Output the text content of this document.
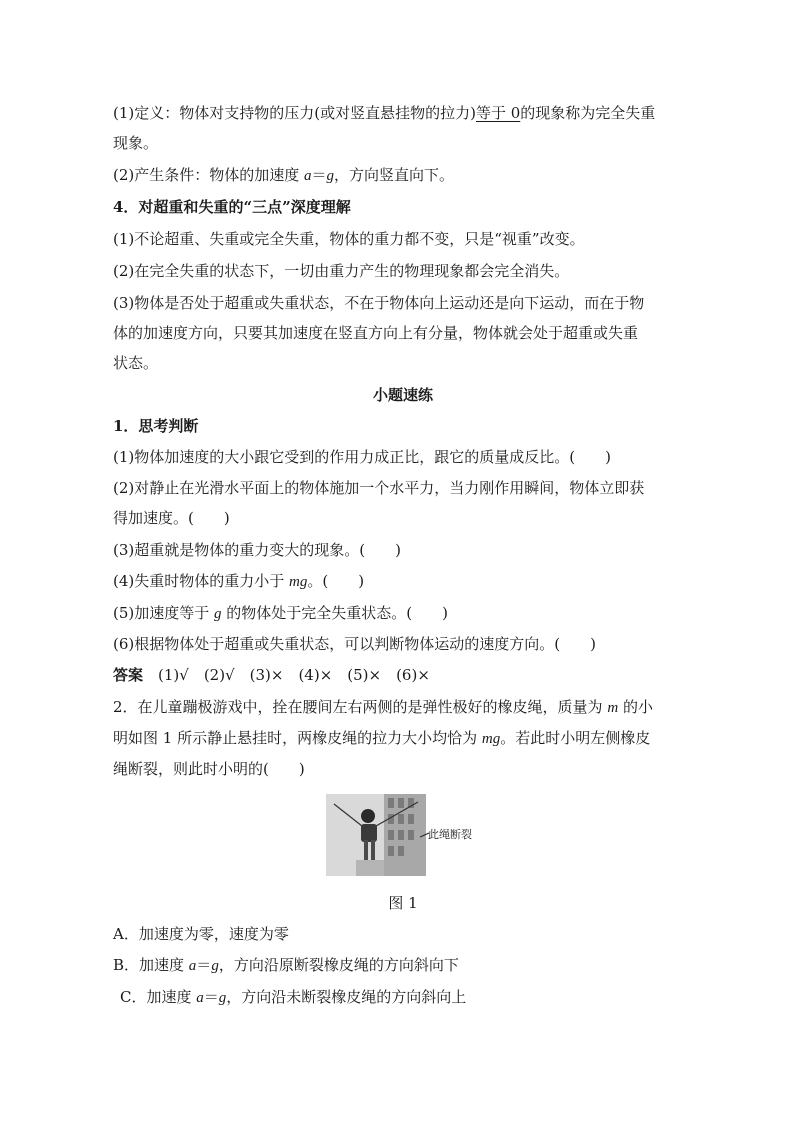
(1)定义：物体对支持物的压力(或对竖直悬挂物的拉力)等于 0的现象称为完全失重
现象。
(2)产生条件：物体的加速度 a＝g，方向竖直向下。
4．对超重和失重的“三点”深度理解
(1)不论超重、失重或完全失重，物体的重力都不变，只是“视重”改变。
(2)在完全失重的状态下，一切由重力产生的物理现象都会完全消失。
(3)物体是否处于超重或失重状态，不在于物体向上运动还是向下运动，而在于物
体的加速度方向，只要其加速度在竖直方向上有分量，物体就会处于超重或失重
状态。
小题速练
1．思考判断
(1)物体加速度的大小跟它受到的作用力成正比，跟它的质量成反比。(　　)
(2)对静止在光滑水平面上的物体施加一个水平力，当力刚作用瞬间，物体立即获
得加速度。(　　)
(3)超重就是物体的重力变大的现象。(　　)
(4)失重时物体的重力小于 mg。(　　)
(5)加速度等于 g 的物体处于完全失重状态。(　　)
(6)根据物体处于超重或失重状态，可以判断物体运动的速度方向。(　　)
答案　(1)√　(2)√　(3)×　(4)×　(5)×　(6)×
2．在儿童蹦极游戏中，拴在腰间左右两侧的是弹性极好的橡皮绳，质量为 m 的小
明如图 1 所示静止悬挂时，两橡皮绳的拉力大小均恰为 mg。若此时小明左侧橡皮
绳断裂，则此时小明的(　　)
此绳断裂
图 1
A．加速度为零，速度为零
B．加速度 a＝g，方向沿原断裂橡皮绳的方向斜向下
C．加速度 a＝g，方向沿未断裂橡皮绳的方向斜向上
